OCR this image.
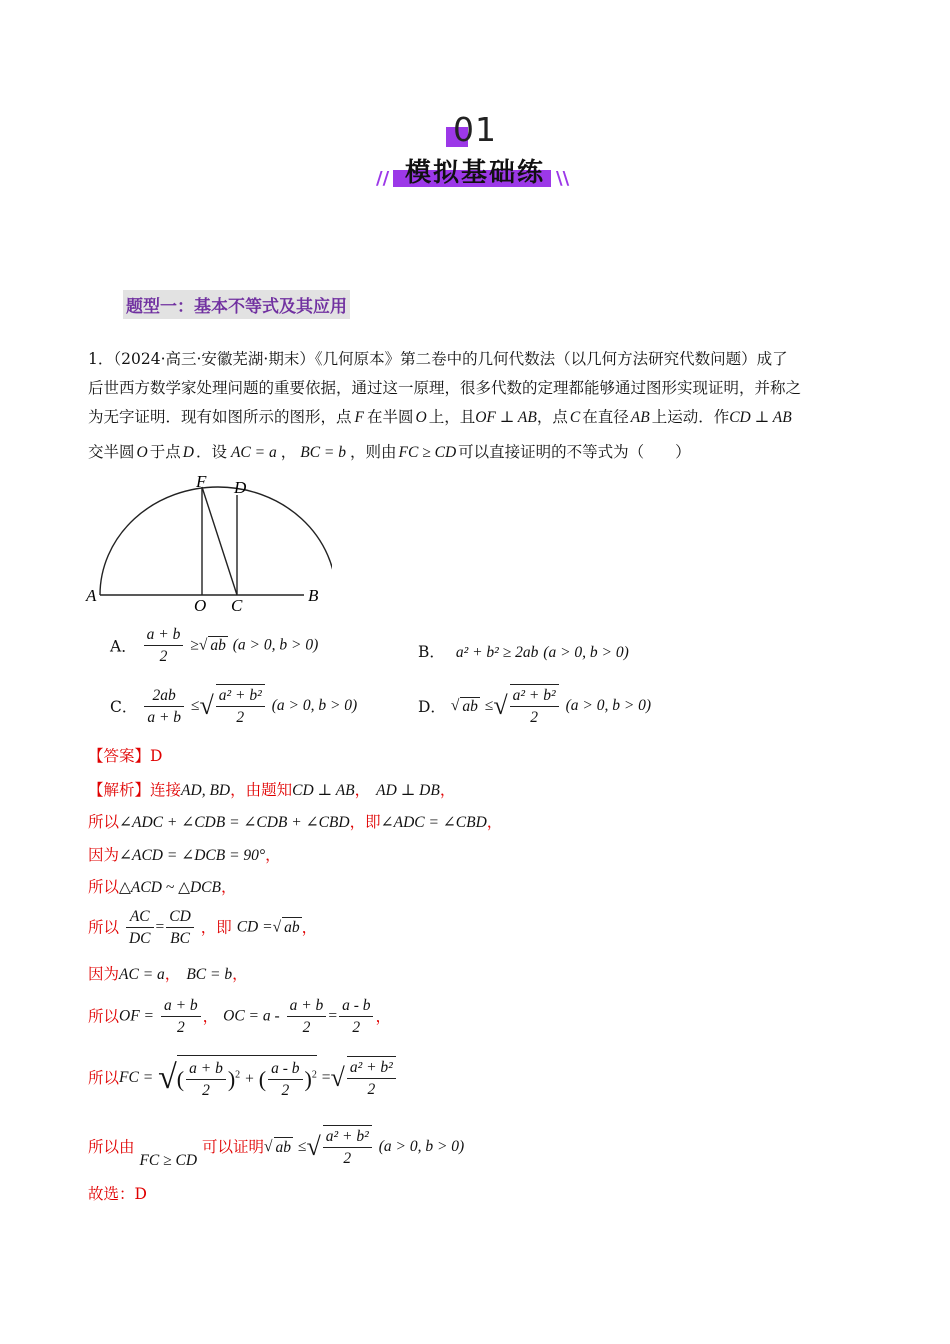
01
模拟基础练
//	\\
题型一：基本不等式及其应用
1．（2024·高三·安徽芜湖·期末）《几何原本》第二卷中的几何代数法（以几何方法研究代数问题）成了
后世西方数学家处理问题的重要依据，通过这一原理，很多代数的定理都能够通过图形实现证明，并称之
为无字证明．现有如图所示的图形，点 F 在半圆 O 上，且OF ⊥ AB，点 C 在直径 AB 上运动．作CD ⊥ AB
交半圆 O 于点 D ．设 AC = a ， BC = b ，则由 FC ≥ CD 可以直接证明的不等式为（　　）
F D
A
O C
B
A． $\frac{a + b}{2}$ ≥√ ab (a > 0, b > 0)	B． a² + b² ≥ 2ab (a > 0, b > 0)
C． $\frac{2ab}{a + b}$ ≤√ $\frac{\text{a² + b²}}{2} (a > 0$, b > 0)	D． √ ab ≤√ $\frac{\text{a² + b²}}{2} (a > 0$, b > 0)
【答案】D
【解析】连接AD, BD，由题知CD ⊥ AB， AD ⊥ DB，
所以∠ADC + ∠CDB = ∠CDB + ∠CBD，即∠ADC = ∠CBD，
因为∠ACD = ∠DCB = 90°，
所以△ACD ~ △DCB，
所以 $\frac{AC}{DC} = \frac{CD}{BC}$ ，即 CD =√ ab ，
因为AC = a， BC = b，
所以OF = $\frac{a + b}{2}$ ， OC = $a - \frac{a + b}{2} = \frac{a - b}{2}$ ，
所以FC = √( $\frac{a + b}{2} )^2$ + ( $\frac{a - b}{2} )^2$ =√ $\frac{\text{a² + b²}}{2}$
所以由 FC ≥ CD 可以证明√ ab ≤√ $\frac{\text{a² + b²}}{2} (a > 0$, b > 0)
故选：D
